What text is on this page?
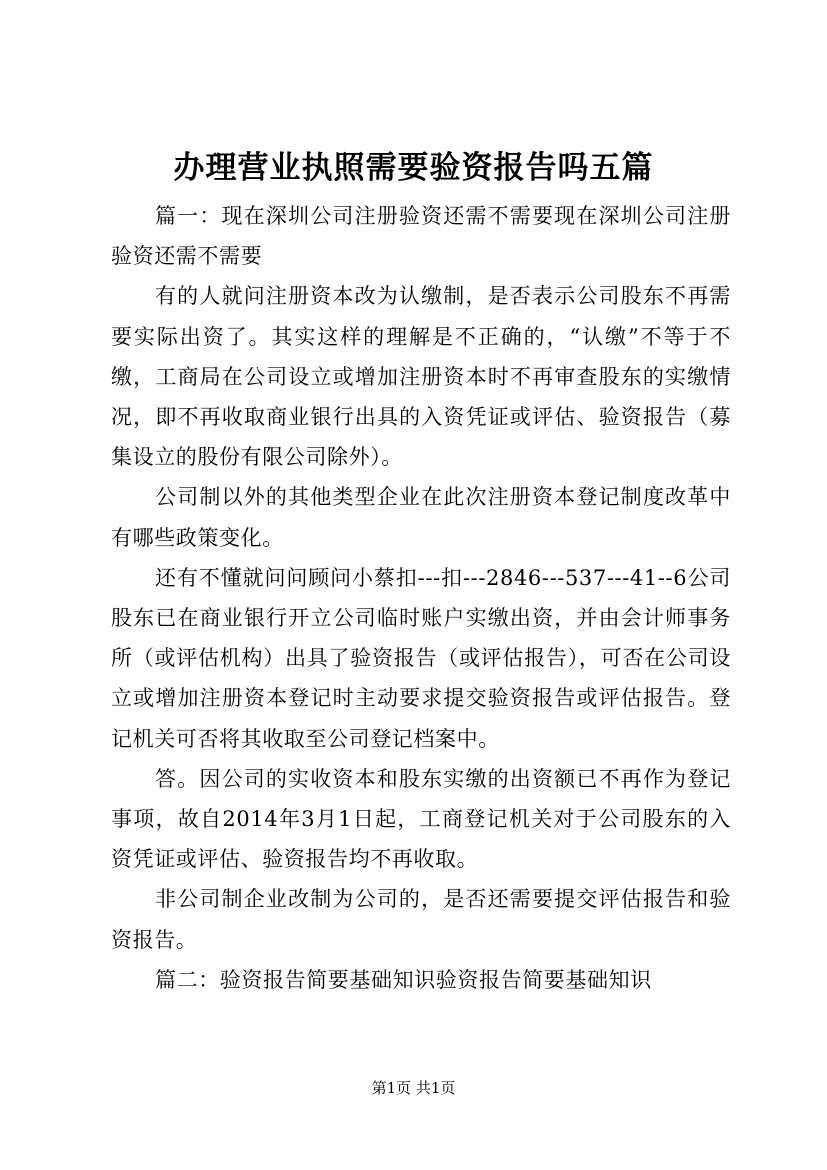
办理营业执照需要验资报告吗五篇

篇一：现在深圳公司注册验资还需不需要现在深圳公司注册验资还需不需要

有的人就问注册资本改为认缴制，是否表示公司股东不再需要实际出资了。其实这样的理解是不正确的，“认缴”不等于不缴，工商局在公司设立或增加注册资本时不再审查股东的实缴情况，即不再收取商业银行出具的入资凭证或评估、验资报告（募集设立的股份有限公司除外）。

公司制以外的其他类型企业在此次注册资本登记制度改革中有哪些政策变化。

还有不懂就问问顾问小蔡扣---扣---2846---537---41--6公司股东已在商业银行开立公司临时账户实缴出资，并由会计师事务所（或评估机构）出具了验资报告（或评估报告），可否在公司设立或增加注册资本登记时主动要求提交验资报告或评估报告。登记机关可否将其收取至公司登记档案中。

答。因公司的实收资本和股东实缴的出资额已不再作为登记事项，故自2014年3月1日起，工商登记机关对于公司股东的入资凭证或评估、验资报告均不再收取。

非公司制企业改制为公司的，是否还需要提交评估报告和验资报告。

篇二：验资报告简要基础知识验资报告简要基础知识

第1页 共1页
